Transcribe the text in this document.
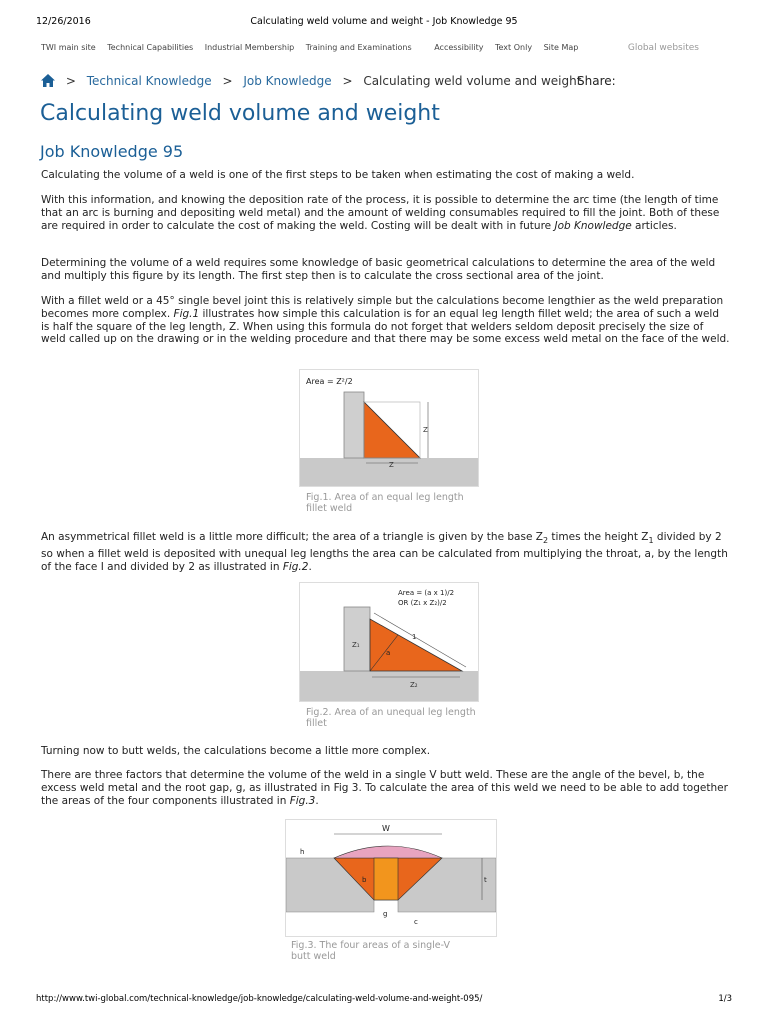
12/26/2016	Calculating weld volume and weight - Job Knowledge 95
TWI main site Technical Capabilities Industrial Membership Training and Examinations	Accessibility Text Only Site Map	Global websites
> Technical Knowledge > Job Knowledge > Calculating weld volume and weight
Share:
Calculating weld volume and weight
Job Knowledge 95

Calculating the volume of a weld is one of the first steps to be taken when estimating the cost of making a weld.

With this information, and knowing the deposition rate of the process, it is possible to determine the arc time (the length of time that an arc is burning and depositing weld metal) and the amount of welding consumables required to fill the joint. Both of these are required in order to calculate the cost of making the weld. Costing will be dealt with in future Job Knowledge articles.

Determining the volume of a weld requires some knowledge of basic geometrical calculations to determine the area of the weld and multiply this figure by its length. The first step then is to calculate the cross sectional area of the joint.

With a fillet weld or a 45° single bevel joint this is relatively simple but the calculations become lengthier as the weld preparation becomes more complex. Fig.1 illustrates how simple this calculation is for an equal leg length fillet weld; the area of such a weld is half the square of the leg length, Z. When using this formula do not forget that welders seldom deposit precisely the size of weld called up on the drawing or in the welding procedure and that there may be some excess weld metal on the face of the weld.

Area = Z²/2
Z
Z
Fig.1. Area of an equal leg length fillet weld

An asymmetrical fillet weld is a little more difficult; the area of a triangle is given by the base $Z_2$ times the height $Z_1$ divided by 2 so when a fillet weld is deposited with unequal leg lengths the area can be calculated from multiplying the throat, a, by the length of the face I and divided by 2 as illustrated in Fig.2.

Area = (a x 1)/2
OR (Z₁ x Z₂)/2
1
a
Z₁
Z₂
Fig.2. Area of an unequal leg length fillet

Turning now to butt welds, the calculations become a little more complex.

There are three factors that determine the volume of the weld in a single V butt weld. These are the angle of the bevel, b, the excess weld metal and the root gap, g, as illustrated in Fig 3. To calculate the area of this weld we need to be able to add together the areas of the four components illustrated in Fig.3.

W
b
h
t
g
c
Fig.3. The four areas of a single-V butt weld
http://www.twi-global.com/technical-knowledge/job-knowledge/calculating-weld-volume-and-weight-095/	1/3
